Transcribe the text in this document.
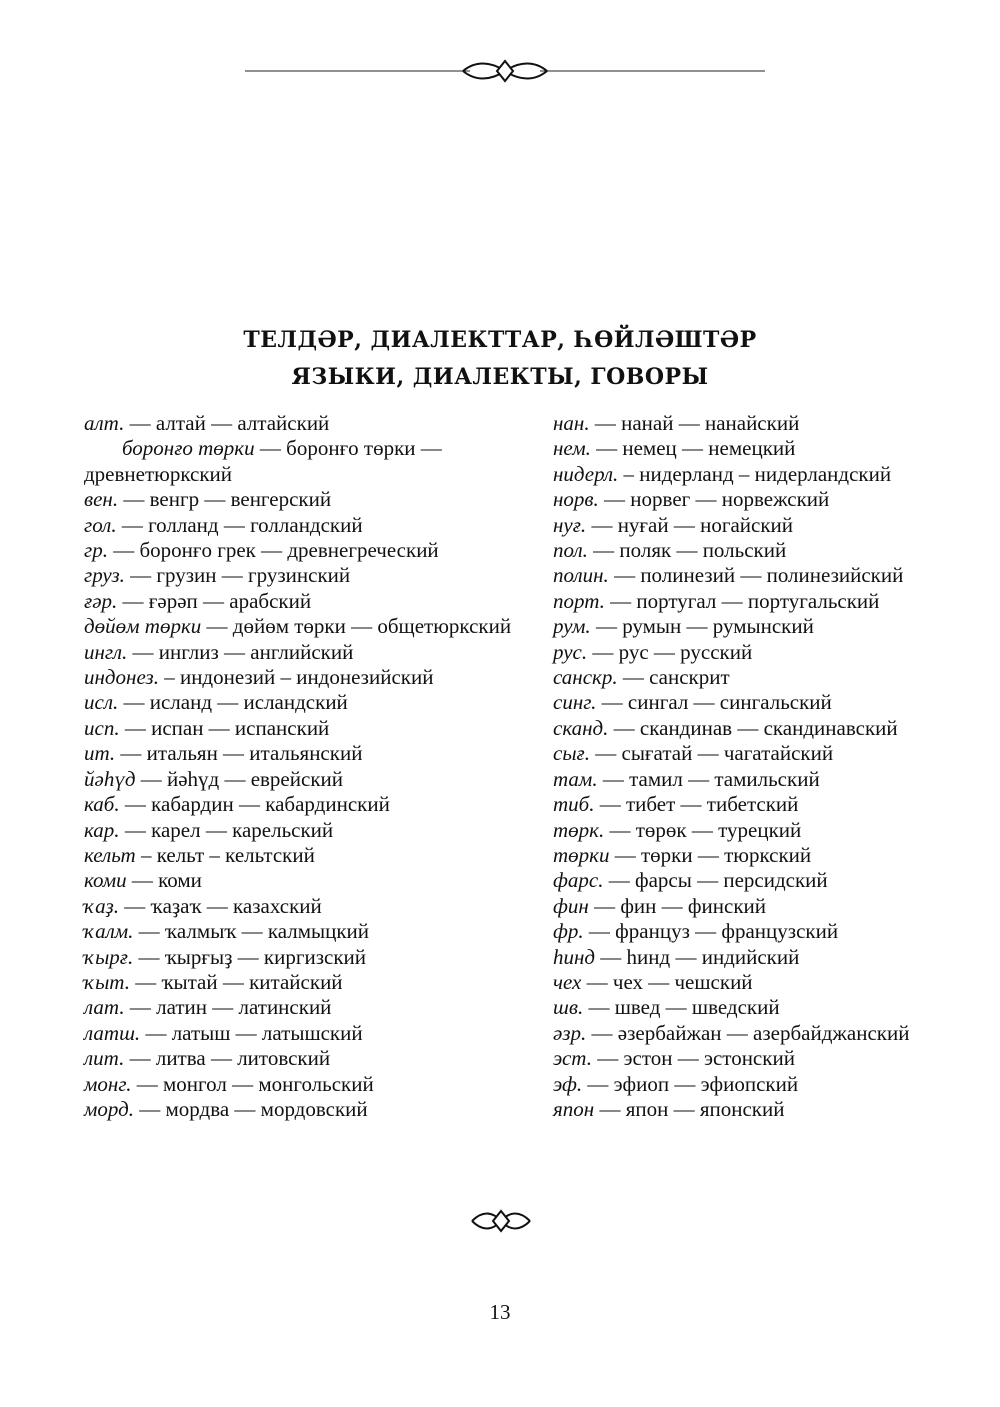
ТЕЛДӘР, ДИАЛЕКТТАР, ҺӨЙЛӘШТӘР
ЯЗЫКИ, ДИАЛЕКТЫ, ГОВОРЫ
алт. — алтай — алтайский
боронғо төрки — боронғо төрки — древнетюркский
вен. — венгр — венгерский
гол. — голланд — голландский
гр. — боронғо грек — древнегреческий
груз. — грузин — грузинский
ғәр. — ғәрәп — арабский
дөйөм төрки — дөйөм төрки — общетюркский
ингл. — инглиз — английский
индонез. – индонезий – индонезийский
исл. — исланд — исландский
исп. — испан — испанский
ит. — итальян — итальянский
йәһүд — йәһүд — еврейский
каб. — кабардин — кабардинский
кар. — карел — карельский
кельт – кельт – кельтский
коми — коми
ҡаҙ. — ҡаҙаҡ — казахский
ҡалм. — ҡалмыҡ — калмыцкий
ҡырғ. — ҡырғыҙ — киргизский
ҡыт. — ҡытай — китайский
лат. — латин — латинский
латш. — латыш — латышский
лит. — литва — литовский
монг. — монгол — монгольский
морд. — мордва — мордовский
нан. — нанай — нанайский
нем. — немец — немецкий
нидерл. – нидерланд – нидерландский
норв. — норвег — норвежский
нуғ. — нуғай — ногайский
пол. — поляк — польский
полин. — полинезий — полинезийский
порт. — португал — португальский
рум. — румын — румынский
рус. — рус — русский
санскр. — санскрит
синг. — сингал — сингальский
сканд. — скандинав — скандинавский
сығ. — сығатай — чагатайский
там. — тамил — тамильский
тиб. — тибет — тибетский
төрк. — төрөк — турецкий
төрки — төрки — тюркский
фарс. — фарсы — персидский
фин — фин — финский
фр. — француз — французский
һинд — һинд — индийский
чех — чех — чешский
шв. — швед — шведский
әзр. — әзербайжан — азербайджанский
эст. — эстон — эстонский
эф. — эфиоп — эфиопский
япон — япон — японский
13
